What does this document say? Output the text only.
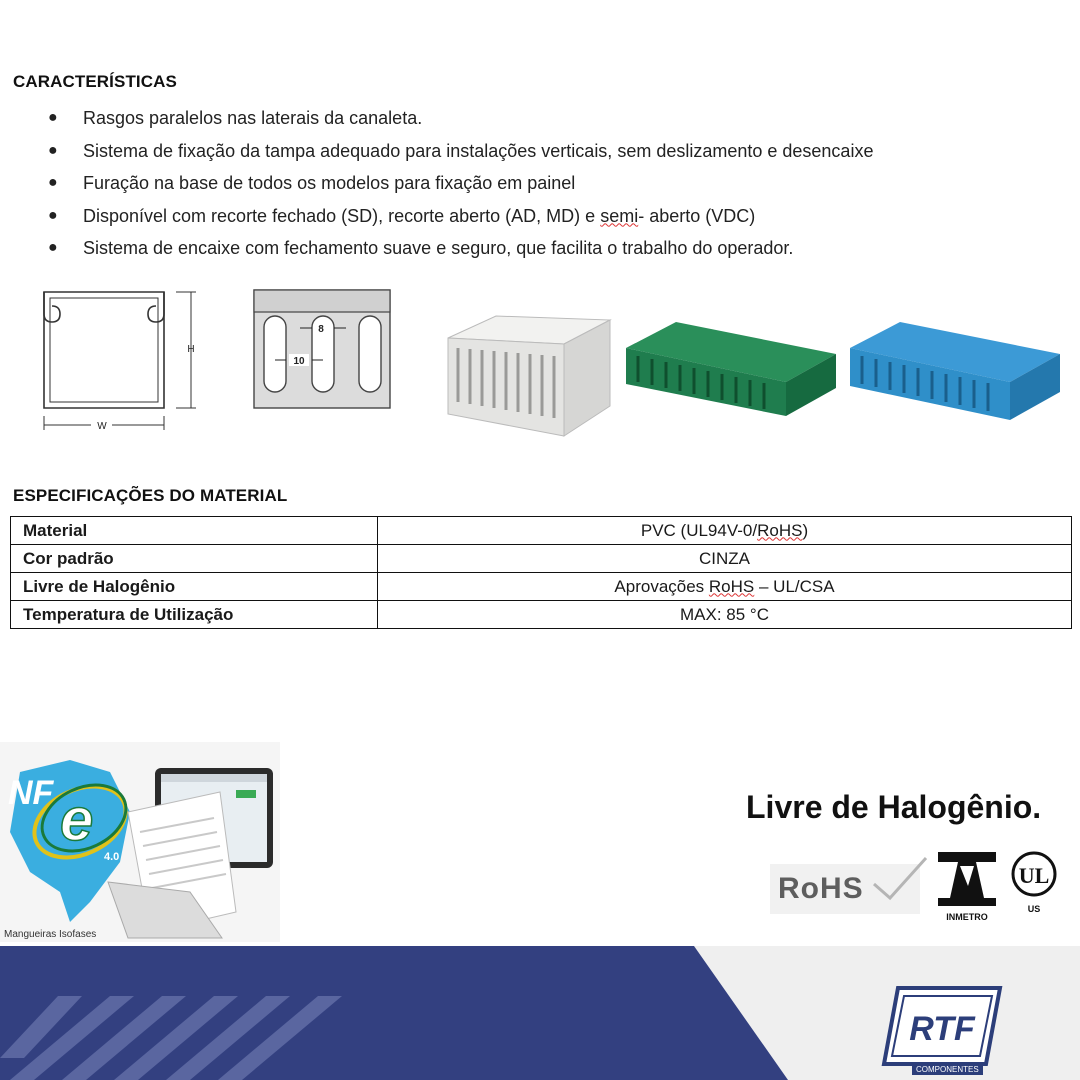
CARACTERÍSTICAS
●	Rasgos paralelos nas laterais da canaleta.
●	Sistema de fixação da tampa adequado para instalações verticais, sem deslizamento e desencaixe
●	Furação na base de todos os modelos para fixação em painel
●	Disponível com recorte fechado (SD), recorte aberto (AD, MD) e semi- aberto (VDC)
●	Sistema de encaixe com fechamento suave e seguro, que facilita o trabalho do operador.
H
W
8
10
ESPECIFICAÇÕES DO MATERIAL
Material	PVC (UL94V-0/RoHS)
Cor padrão	CINZA
Livre de Halogênio	Aprovações RoHS – UL/CSA
Temperatura de Utilização	MAX: 85 °C
NF e
4.0
Mangueiras Isofases
Livre de Halogênio.
RoHS
INMETRO
UL
US
RTF
COMPONENTES
